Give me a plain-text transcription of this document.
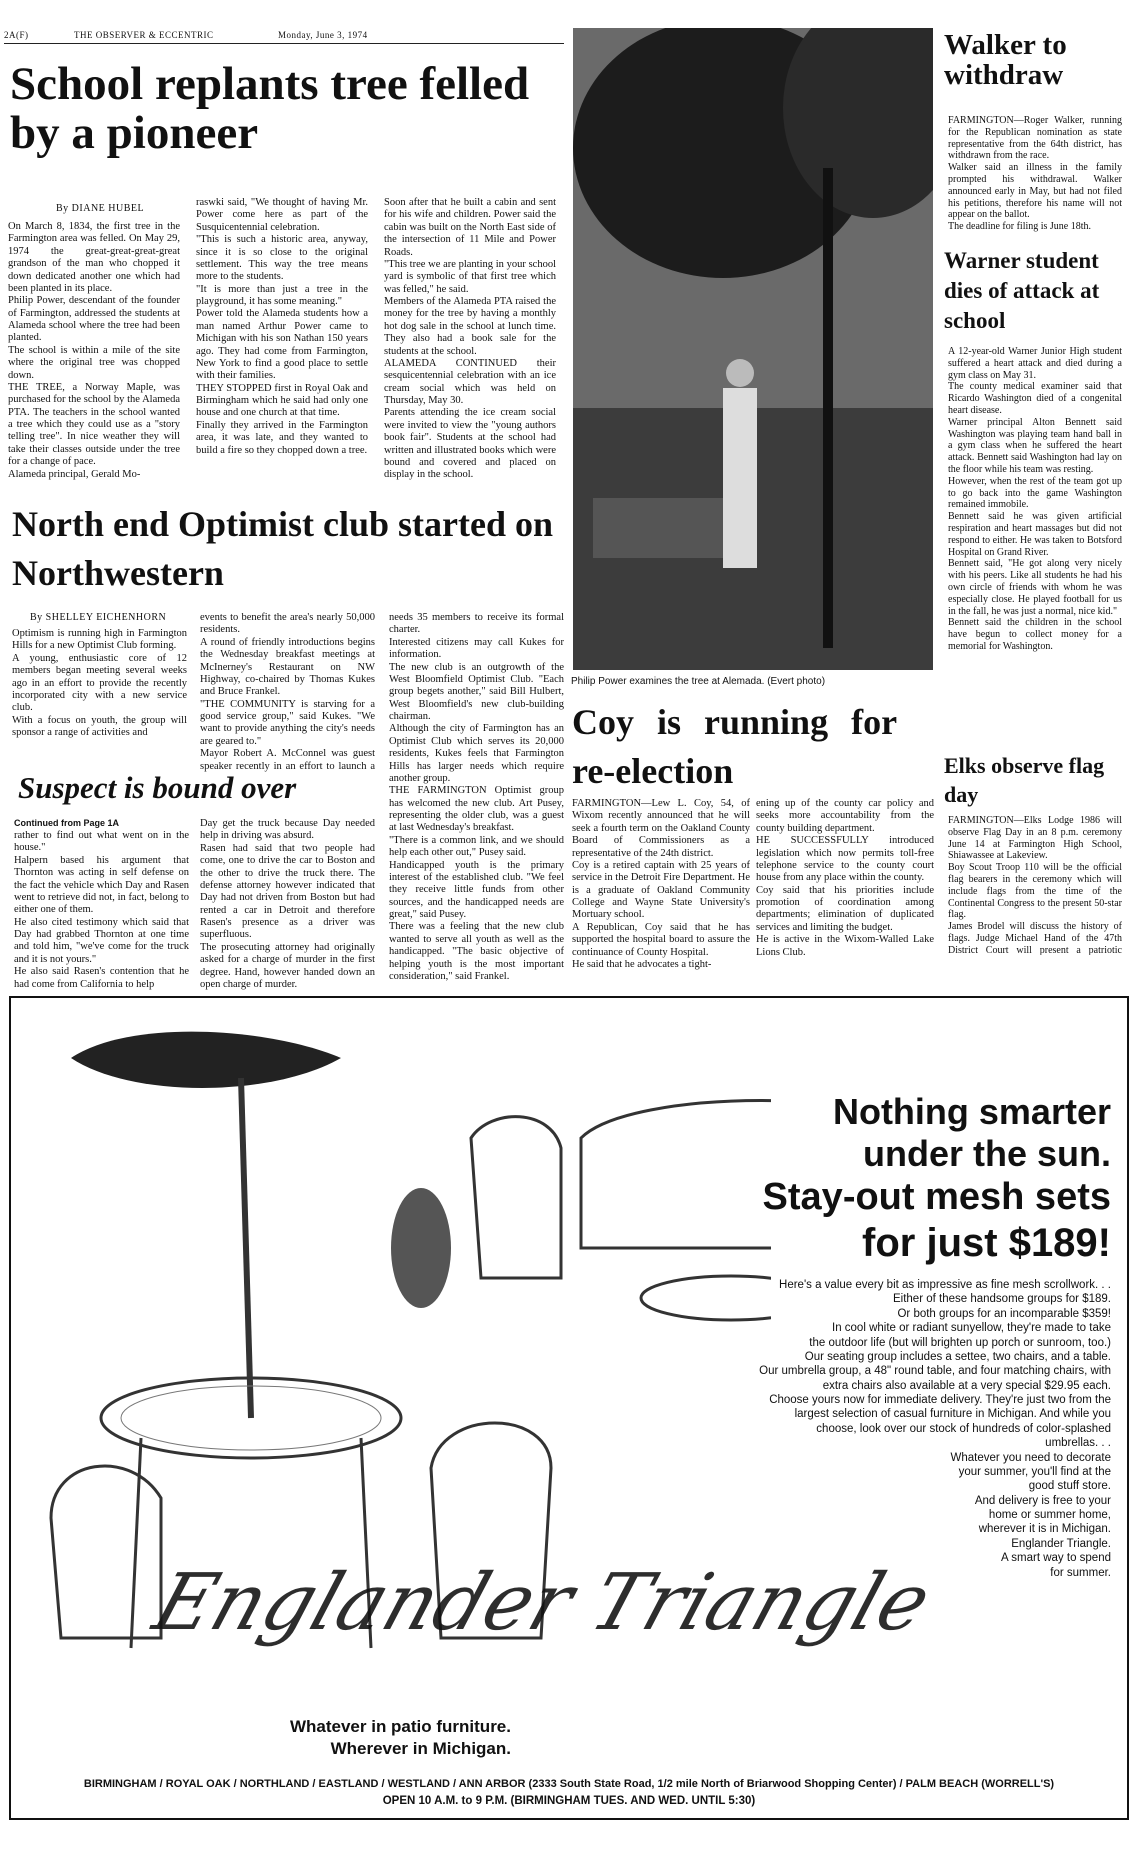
2A(F)	THE OBSERVER & ECCENTRIC	Monday, June 3, 1974
School replants tree felled by a pioneer
By DIANE HUBEL
On March 8, 1834, the first tree in the Farmington area was felled. On May 29, 1974 the great-great-great-great grandson of the man who chopped it down dedicated another one which had been planted in its place.
Philip Power, descendant of the founder of Farmington, addressed the students at Alameda school where the tree had been planted.
The school is within a mile of the site where the original tree was chopped down.
THE TREE, a Norway Maple, was purchased for the school by the Alameda PTA. The teachers in the school wanted a tree which they could use as a "story telling tree". In nice weather they will take their classes outside under the tree for a change of pace.
Alameda principal, Gerald Mo-
raswki said, "We thought of having Mr. Power come here as part of the Susquicentennial celebration.
"This is such a historic area, anyway, since it is so close to the original settlement. This way the tree means more to the students.
"It is more than just a tree in the playground, it has some meaning."
Power told the Alameda students how a man named Arthur Power came to Michigan with his son Nathan 150 years ago. They had come from Farmington, New York to find a good place to settle with their families.
THEY STOPPED first in Royal Oak and Birmingham which he said had only one house and one church at that time.
Finally they arrived in the Farmington area, it was late, and they wanted to build a fire so they chopped down a tree.
Soon after that he built a cabin and sent for his wife and children. Power said the cabin was built on the North East side of the intersection of 11 Mile and Power Roads.
"This tree we are planting in your school yard is symbolic of that first tree which was felled," he said.
Members of the Alameda PTA raised the money for the tree by having a monthly hot dog sale in the school at lunch time. They also had a book sale for the students at the school.
ALAMEDA CONTINUED their sesquicentennial celebration with an ice cream social which was held on Thursday, May 30.
Parents attending the ice cream social were invited to view the "young authors book fair". Students at the school had written and illustrated books which were bound and covered and placed on display in the school.
Philip Power examines the tree at Alemada. (Evert photo)
Walker to withdraw
FARMINGTON—Roger Walker, running for the Republican nomination as state representative from the 64th district, has withdrawn from the race.
Walker said an illness in the family prompted his withdrawal. Walker announced early in May, but had not filed his petitions, therefore his name will not appear on the ballot.
The deadline for filing is June 18th.
Warner student dies of attack at school
A 12-year-old Warner Junior High student suffered a heart attack and died during a gym class on May 31.
The county medical examiner said that Ricardo Washington died of a congenital heart disease.
Warner principal Alton Bennett said Washington was playing team hand ball in a gym class when he suffered the heart attack. Bennett said Washington had lay on the floor while his team was resting.
However, when the rest of the team got up to go back into the game Washington remained immobile.
Bennett said he was given artificial respiration and heart massages but did not respond to either. He was taken to Botsford Hospital on Grand River.
Bennett said, "He got along very nicely with his peers. Like all students he had his own circle of friends with whom he was especially close. He played football for us in the fall, he was just a normal, nice kid."
Bennett said the children in the school have begun to collect money for a memorial for Washington.
Elks observe flag day
FARMINGTON—Elks Lodge 1986 will observe Flag Day in an 8 p.m. ceremony June 14 at Farmington High School, Shiawassee at Lakeview.
Boy Scout Troop 110 will be the official flag bearers in the ceremony which will include flags from the time of the Continental Congress to the present 50-star flag.
James Brodel will discuss the history of flags. Judge Michael Hand of the 47th District Court will present a patriotic
North end Optimist club started on Northwestern
By SHELLEY EICHENHORN
Optimism is running high in Farmington Hills for a new Optimist Club forming.
A young, enthusiastic core of 12 members began meeting several weeks ago in an effort to provide the recently incorporated city with a new service club.
With a focus on youth, the group will sponsor a range of activities and
events to benefit the area's nearly 50,000 residents.
A round of friendly introductions begins the Wednesday breakfast meetings at McInerney's Restaurant on NW Highway, co-chaired by Thomas Kukes and Bruce Frankel.
"THE COMMUNITY is starving for a good service group," said Kukes. "We want to provide anything the city's needs are geared to."
Mayor Robert A. McConnel was guest speaker recently in an effort to launch a
needs 35 members to receive its formal charter.
Interested citizens may call Kukes for information.
The new club is an outgrowth of the West Bloomfield Optimist Club. "Each group begets another," said Bill Hulbert, West Bloomfield's new club-building chairman.
Although the city of Farmington has an Optimist Club which serves its 20,000 residents, Kukes feels that Farmington Hills has larger needs which require another group.
THE FARMINGTON Optimist group has welcomed the new club. Art Pusey, representing the older club, was a guest at last Wednesday's breakfast.
"There is a common link, and we should help each other out," Pusey said.
Handicapped youth is the primary interest of the established club. "We feel they receive little funds from other sources, and the handicapped needs are great," said Pusey.
There was a feeling that the new club wanted to serve all youth as well as the handicapped. "The basic objective of helping youth is the most important consideration," said Frankel.
Suspect is bound over
Continued from Page 1A
rather to find out what went on in the house."
Halpern based his argument that Thornton was acting in self defense on the fact the vehicle which Day and Rasen went to retrieve did not, in fact, belong to either one of them.
He also cited testimony which said that Day had grabbed Thornton at one time and told him, "we've come for the truck and it is not yours."
He also said Rasen's contention that he had come from California to help
Day get the truck because Day needed help in driving was absurd.
Rasen had said that two people had come, one to drive the car to Boston and the other to drive the truck there. The defense attorney however indicated that Day had not driven from Boston but had rented a car in Detroit and therefore Rasen's presence as a driver was superfluous.
The prosecuting attorney had originally asked for a charge of murder in the first degree. Hand, however handed down an open charge of murder.
Coy is running for re-election
FARMINGTON—Lew L. Coy, 54, of Wixom recently announced that he will seek a fourth term on the Oakland County Board of Commissioners as a representative of the 24th district.
Coy is a retired captain with 25 years of service in the Detroit Fire Department. He is a graduate of Oakland Community College and Wayne State University's Mortuary school.
A Republican, Coy said that he has supported the hospital board to assure the continuance of County Hospital.
He said that he advocates a tight-
ening up of the county car policy and seeks more accountability from the county building department.
HE SUCCESSFULLY introduced legislation which now permits toll-free telephone service to the county court house from any place within the county.
Coy said that his priorities include promotion of coordination among departments; elimination of duplicated services and limiting the budget.
He is active in the Wixom-Walled Lake Lions Club.
Nothing smarter
under the sun.
Stay-out mesh sets
for just $189!
Here's a value every bit as impressive as fine mesh scrollwork. . .
Either of these handsome groups for $189.
Or both groups for an incomparable $359!
In cool white or radiant sunyellow, they're made to take
the outdoor life (but will brighten up porch or sunroom, too.)
Our seating group includes a settee, two chairs, and a table.
Our umbrella group, a 48" round table, and four matching chairs, with
extra chairs also available at a very special $29.95 each.
Choose yours now for immediate delivery. They're just two from the
largest selection of casual furniture in Michigan. And while you
choose, look over our stock of hundreds of color-splashed
umbrellas. . .
Whatever you need to decorate
your summer, you'll find at the
good stuff store.
And delivery is free to your
home or summer home,
wherever it is in Michigan.
Englander Triangle.
A smart way to spend
for summer.
Englander Triangle
Whatever in patio furniture.
Wherever in Michigan.
BIRMINGHAM / ROYAL OAK / NORTHLAND / EASTLAND / WESTLAND / ANN ARBOR (2333 South State Road, 1/2 mile North of Briarwood Shopping Center) / PALM BEACH (WORRELL'S)
OPEN 10 A.M. to 9 P.M. (BIRMINGHAM TUES. AND WED. UNTIL 5:30)
